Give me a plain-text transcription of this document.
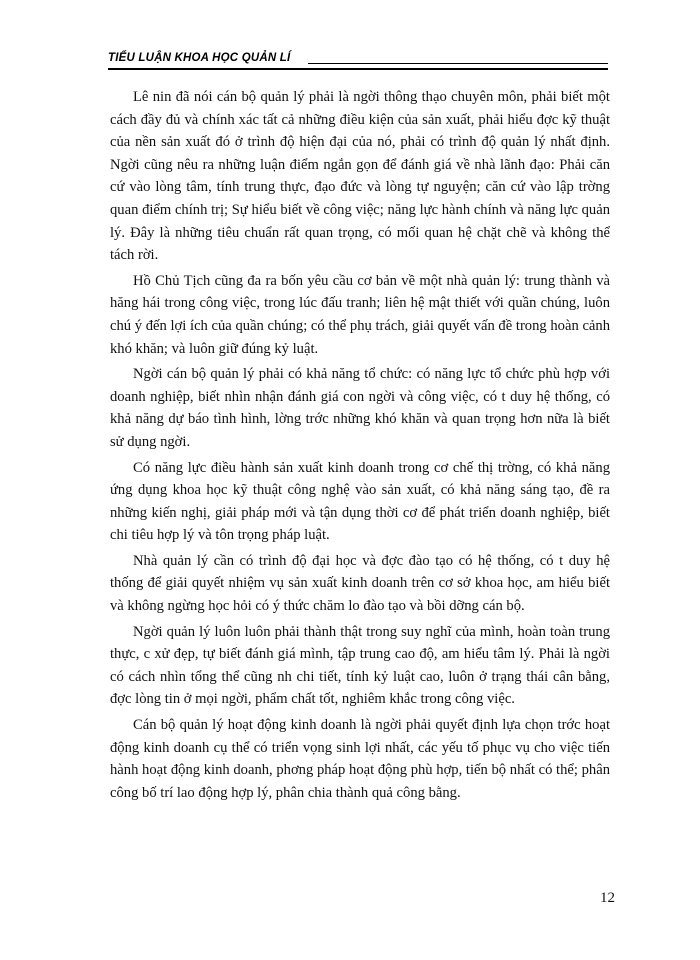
TIỂU LUẬN KHOA HỌC QUẢN LÍ

Lê nin đã nói cán bộ quản lý phải là ngời thông thạo chuyên môn, phải biết một cách đầy đủ và chính xác tất cả những điều kiện của sản xuất, phải hiểu đợc kỹ thuật của nền sản xuất đó ở trình độ hiện đại của nó, phải có trình độ quản lý nhất định. Ngời cũng nêu ra những luận điểm ngắn gọn để đánh giá về nhà lãnh đạo: Phải căn cứ vào lòng tâm, tính trung thực, đạo đức và lòng tự nguyện; căn cứ vào lập trờng quan điểm chính trị; Sự hiểu biết về công việc; năng lực hành chính và năng lực quản lý. Đây là những tiêu chuẩn rất quan trọng, có mối quan hệ chặt chẽ và không thể tách rời.

Hồ Chủ Tịch cũng đa ra bốn yêu cầu cơ bản về một nhà quản lý: trung thành và hăng hái trong công việc, trong lúc đấu tranh; liên hệ mật thiết với quần chúng, luôn chú ý đến lợi ích của quần chúng; có thể phụ trách, giải quyết vấn đề trong hoàn cảnh khó khăn; và luôn giữ đúng kỷ luật.

Ngời cán bộ quản lý phải có khả năng tổ chức: có năng lực tổ chức phù hợp với doanh nghiệp, biết nhìn nhận đánh giá con ngời và công việc, có t duy hệ thống, có khả năng dự báo tình hình, lờng trớc những khó khăn và quan trọng hơn nữa là biết sử dụng ngời.

Có năng lực điều hành sản xuất kinh doanh trong cơ chế thị trờng, có khả năng ứng dụng khoa học kỹ thuật công nghệ vào sản xuất, có khả năng sáng tạo, đề ra những kiến nghị, giải pháp mới và tận dụng thời cơ để phát triển doanh nghiệp, biết chi tiêu hợp lý và tôn trọng pháp luật.

Nhà quản lý cần có trình độ đại học và đợc đào tạo có hệ thống, có t duy hệ thống để giải quyết nhiệm vụ sản xuất kinh doanh trên cơ sở khoa học, am hiểu biết và không ngừng học hỏi có ý thức chăm lo đào tạo và bồi dỡng cán bộ.

Ngời quản lý luôn luôn phải thành thật trong suy nghĩ của mình, hoàn toàn trung thực, c xử đẹp, tự biết đánh giá mình, tập trung cao độ, am hiểu tâm lý. Phải là ngời có cách nhìn tổng thể cũng nh chi tiết, tính kỷ luật cao, luôn ở trạng thái cân bằng, đợc lòng tin ở mọi ngời, phẩm chất tốt, nghiêm khắc trong công việc.

Cán bộ quản lý hoạt động kinh doanh là ngời phải quyết định lựa chọn trớc hoạt động kinh doanh cụ thể có triển vọng sinh lợi nhất, các yếu tố phục vụ cho việc tiến hành hoạt động kinh doanh, phơng pháp hoạt động phù hợp, tiến bộ nhất có thể; phân công bố trí lao động hợp lý, phân chia thành quả công bằng.

12
